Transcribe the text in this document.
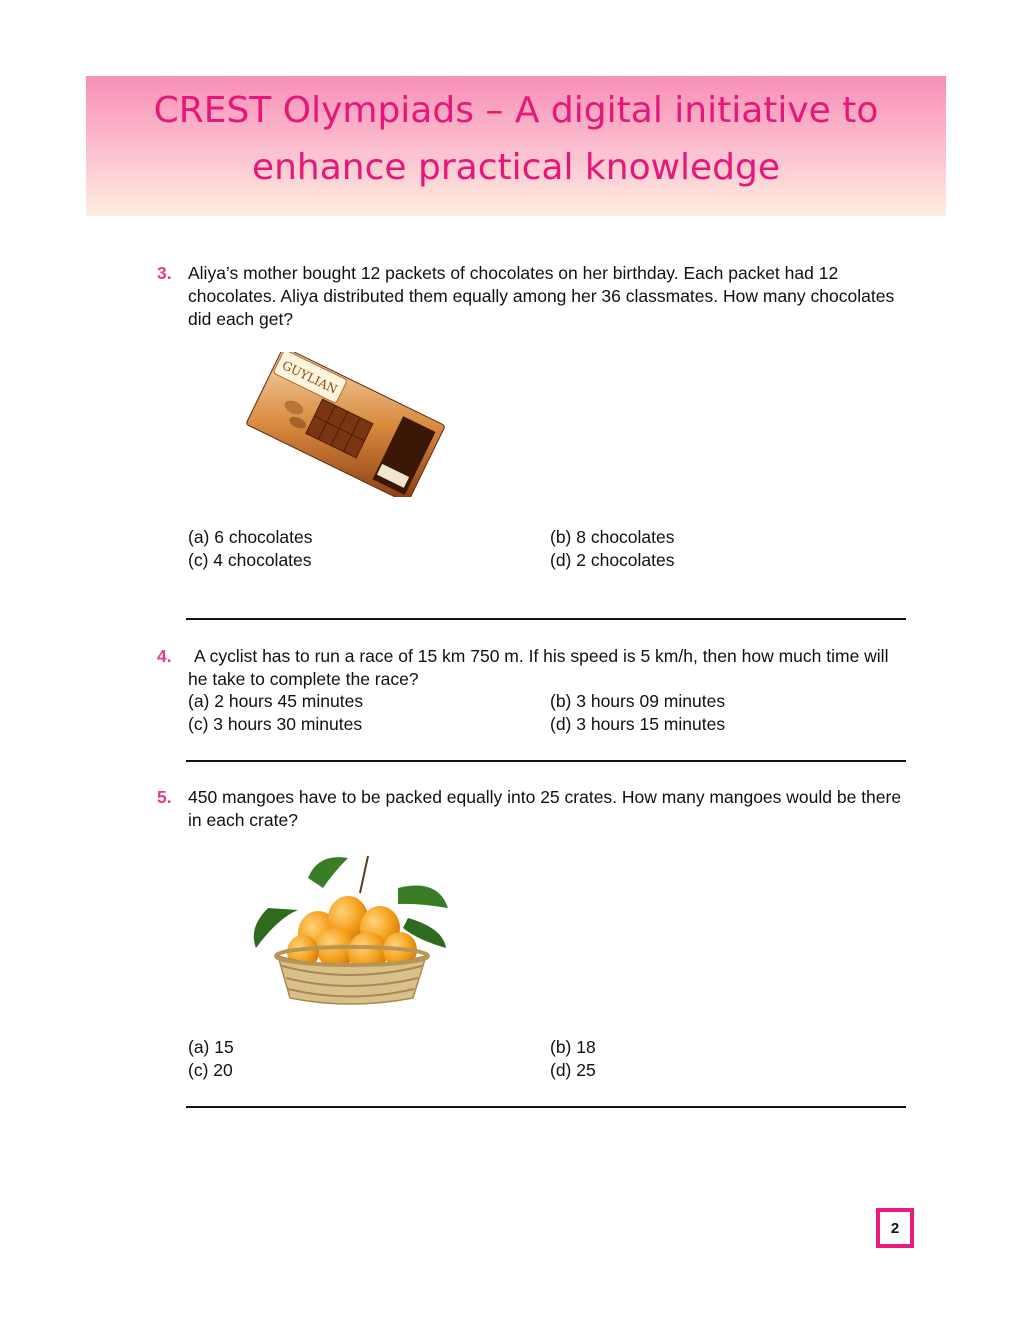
CREST Olympiads – A digital initiative to
enhance practical knowledge
3. Aliya’s mother bought 12 packets of chocolates on her birthday. Each packet had 12 chocolates. Aliya distributed them equally among her 36 classmates. How many chocolates did each get?
GUYLIAN
(a) 6 chocolates	(b) 8 chocolates
(c) 4 chocolates	(d) 2 chocolates
4.	A cyclist has to run a race of 15 km 750 m. If his speed is 5 km/h, then how much time will he take to complete the race?
(a) 2 hours 45 minutes	(b) 3 hours 09 minutes
(c) 3 hours 30 minutes	(d) 3 hours 15 minutes
5. 450 mangoes have to be packed equally into 25 crates. How many mangoes would be there in each crate?
(a) 15	(b) 18
(c) 20	(d) 25
2
